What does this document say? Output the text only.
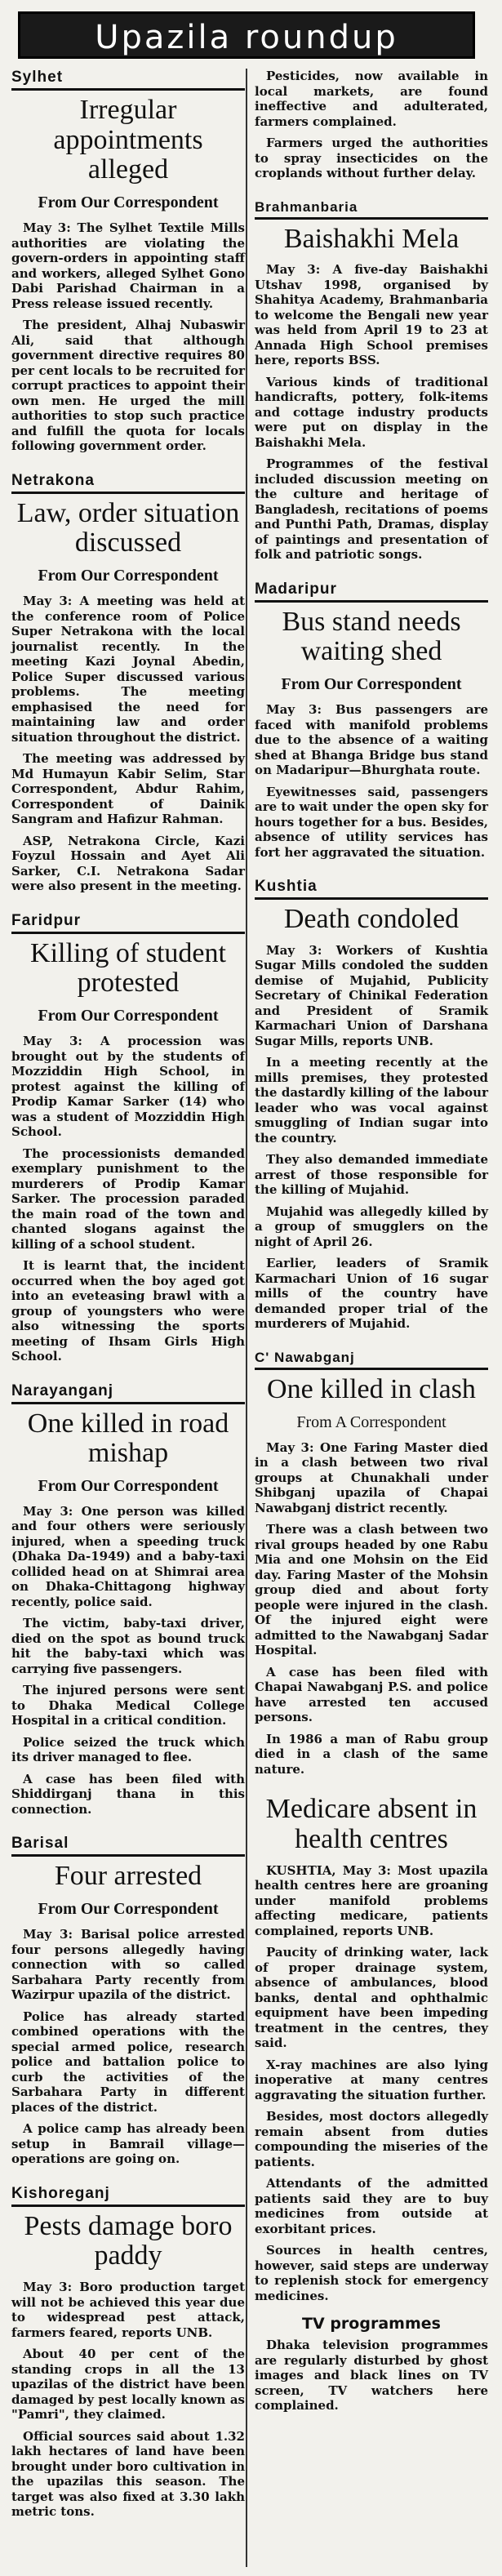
Upazila roundup
Sylhet
Irregular appointments alleged
From Our Correspondent

May 3: The Sylhet Textile Mills authorities are violating the govern-orders in appointing staff and workers, alleged Sylhet Gono Dabi Parishad Chairman in a Press release issued recently.

The president, Alhaj Nubaswir Ali, said that although government directive requires 80 per cent locals to be recruited for corrupt practices to appoint their own men. He urged the mill authorities to stop such practice and fulfill the quota for locals following government order.

Netrakona
Law, order situation discussed
From Our Correspondent

May 3: A meeting was held at the conference room of Police Super Netrakona with the local journalist recently. In the meeting Kazi Joynal Abedin, Police Super discussed various problems. The meeting emphasised the need for maintaining law and order situation throughout the district.

The meeting was addressed by Md Humayun Kabir Selim, Star Correspondent, Abdur Rahim, Correspondent of Dainik Sangram and Hafizur Rahman.

ASP, Netrakona Circle, Kazi Foyzul Hossain and Ayet Ali Sarker, C.I. Netrakona Sadar were also present in the meeting.

Faridpur
Killing of student protested
From Our Correspondent

May 3: A procession was brought out by the students of Mozziddin High School, in protest against the killing of Prodip Kamar Sarker (14) who was a student of Mozziddin High School.

The processionists demanded exemplary punishment to the murderers of Prodip Kamar Sarker. The procession paraded the main road of the town and chanted slogans against the killing of a school student.

It is learnt that, the incident occurred when the boy aged got into an eveteasing brawl with a group of youngsters who were also witnessing the sports meeting of Ihsam Girls High School.

Narayanganj
One killed in road mishap
From Our Correspondent

May 3: One person was killed and four others were seriously injured, when a speeding truck (Dhaka Da-1949) and a baby-taxi collided head on at Shimrai area on Dhaka-Chittagong highway recently, police said.

The victim, baby-taxi driver, died on the spot as bound truck hit the baby-taxi which was carrying five passengers.

The injured persons were sent to Dhaka Medical College Hospital in a critical condition.

Police seized the truck which its driver managed to flee.

A case has been filed with Shiddirganj thana in this connection.

Barisal
Four arrested
From Our Correspondent

May 3: Barisal police arrested four persons allegedly having connection with so called Sarbahara Party recently from Wazirpur upazila of the district.

Police has already started combined operations with the special armed police, research police and battalion police to curb the activities of the Sarbahara Party in different places of the district.

A police camp has already been setup in Bamrail village—operations are going on.

Kishoreganj
Pests damage boro paddy

May 3: Boro production target will not be achieved this year due to widespread pest attack, farmers feared, reports UNB.

About 40 per cent of the standing crops in all the 13 upazilas of the district have been damaged by pest locally known as "Pamri", they claimed.

Official sources said about 1.32 lakh hectares of land have been brought under boro cultivation in the upazilas this season. The target was also fixed at 3.30 lakh metric tons.

Pesticides, now available in local markets, are found ineffective and adulterated, farmers complained.

Farmers urged the authorities to spray insecticides on the croplands without further delay.

Brahmanbaria
Baishakhi Mela

May 3: A five-day Baishakhi Utshav 1998, organised by Shahitya Academy, Brahmanbaria to welcome the Bengali new year was held from April 19 to 23 at Annada High School premises here, reports BSS.

Various kinds of traditional handicrafts, pottery, folk-items and cottage industry products were put on display in the Baishakhi Mela.

Programmes of the festival included discussion meeting on the culture and heritage of Bangladesh, recitations of poems and Punthi Path, Dramas, display of paintings and presentation of folk and patriotic songs.

Madaripur
Bus stand needs waiting shed
From Our Correspondent

May 3: Bus passengers are faced with manifold problems due to the absence of a waiting shed at Bhanga Bridge bus stand on Madaripur—Bhurghata route.

Eyewitnesses said, passengers are to wait under the open sky for hours together for a bus. Besides, absence of utility services has fort her aggravated the situation.

Kushtia
Death condoled

May 3: Workers of Kushtia Sugar Mills condoled the sudden demise of Mujahid, Publicity Secretary of Chinikal Federation and President of Sramik Karmachari Union of Darshana Sugar Mills, reports UNB.

In a meeting recently at the mills premises, they protested the dastardly killing of the labour leader who was vocal against smuggling of Indian sugar into the country.

They also demanded immediate arrest of those responsible for the killing of Mujahid.

Mujahid was allegedly killed by a group of smugglers on the night of April 26.

Earlier, leaders of Sramik Karmachari Union of 16 sugar mills of the country have demanded proper trial of the murderers of Mujahid.

C' Nawabganj
One killed in clash
From A Correspondent

May 3: One Faring Master died in a clash between two rival groups at Chunakhali under Shibganj upazila of Chapai Nawabganj district recently.

There was a clash between two rival groups headed by one Rabu Mia and one Mohsin on the Eid day. Faring Master of the Mohsin group died and about forty people were injured in the clash. Of the injured eight were admitted to the Nawabganj Sadar Hospital.

A case has been filed with Chapai Nawabganj P.S. and police have arrested ten accused persons.

In 1986 a man of Rabu group died in a clash of the same nature.

Medicare absent in health centres

KUSHTIA, May 3: Most upazila health centres here are groaning under manifold problems affecting medicare, patients complained, reports UNB.

Paucity of drinking water, lack of proper drainage system, absence of ambulances, blood banks, dental and ophthalmic equipment have been impeding treatment in the centres, they said.

X-ray machines are also lying inoperative at many centres aggravating the situation further.

Besides, most doctors allegedly remain absent from duties compounding the miseries of the patients.

Attendants of the admitted patients said they are to buy medicines from outside at exorbitant prices.

Sources in health centres, however, said steps are underway to replenish stock for emergency medicines.

TV programmes

Dhaka television programmes are regularly disturbed by ghost images and black lines on TV screen, TV watchers here complained.
